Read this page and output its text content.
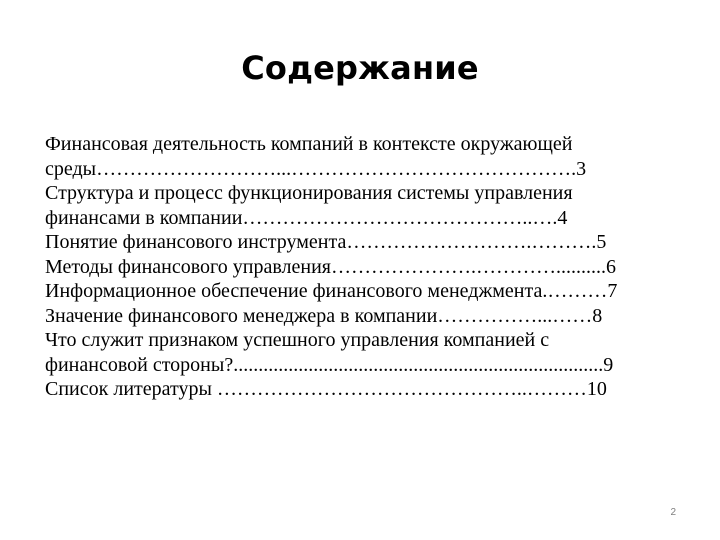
Содержание
Финансовая деятельность компаний в контексте окружающей
среды………………………...…………………………………….3
Структура и процесс функционирования системы управления
финансами в компании……………………………………..….4
Понятие финансового инструмента……………………….……….5
Методы финансового управления………………….…………..........6
Информационное обеспечение финансового менеджмента.………7
Значение финансового менеджера в компании……………...……8
Что служит признаком успешного управления компанией с
финансовой стороны?..........................................................................9
Список литературы ………………………………………..………10
2
